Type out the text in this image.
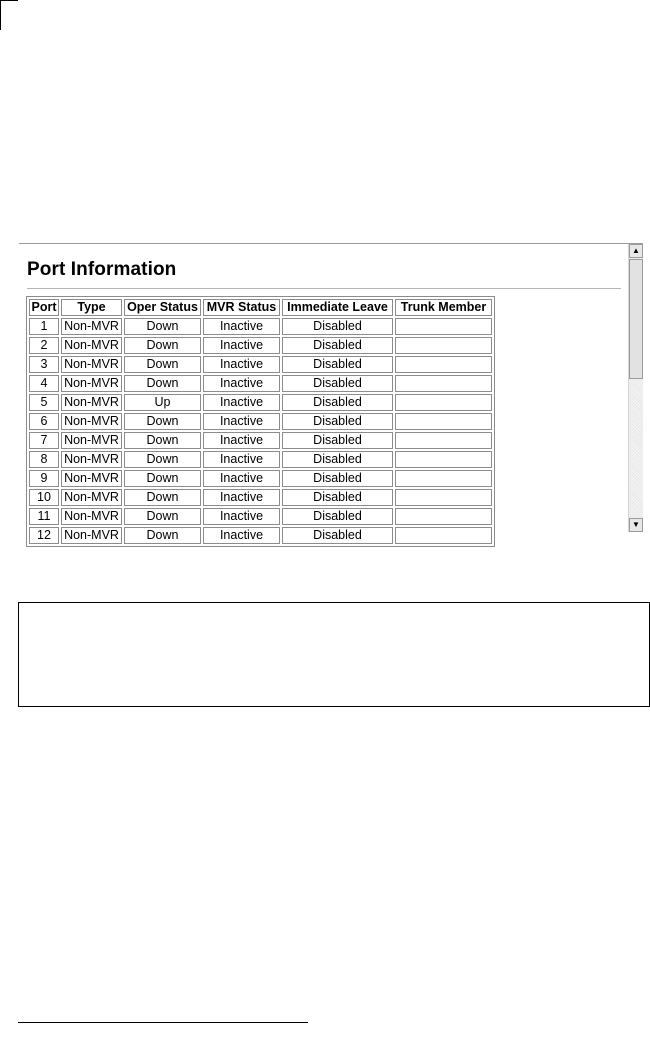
Port Information
Port	Type	Oper Status	MVR Status	Immediate Leave	Trunk Member
1	Non-MVR	Down	Inactive	Disabled	
2	Non-MVR	Down	Inactive	Disabled	
3	Non-MVR	Down	Inactive	Disabled	
4	Non-MVR	Down	Inactive	Disabled	
5	Non-MVR	Up	Inactive	Disabled	
6	Non-MVR	Down	Inactive	Disabled	
7	Non-MVR	Down	Inactive	Disabled	
8	Non-MVR	Down	Inactive	Disabled	
9	Non-MVR	Down	Inactive	Disabled	
10	Non-MVR	Down	Inactive	Disabled	
11	Non-MVR	Down	Inactive	Disabled	
12	Non-MVR	Down	Inactive	Disabled	
▲
▼
